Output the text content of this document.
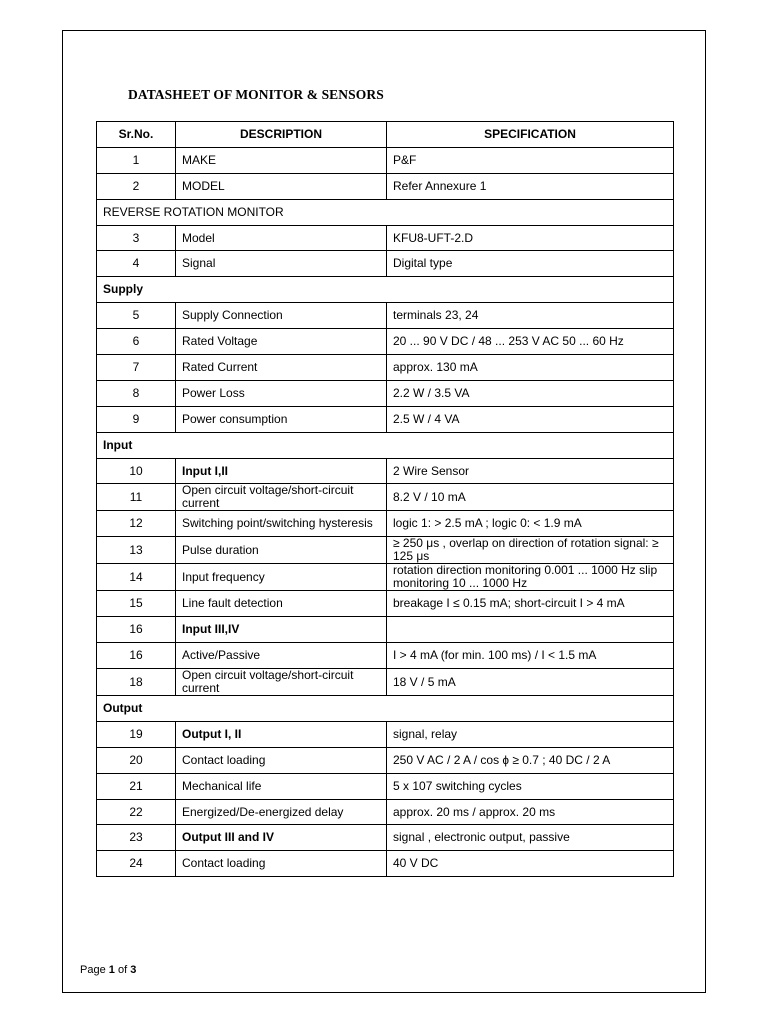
DATASHEET OF MONITOR & SENSORS
Sr.No.	DESCRIPTION	SPECIFICATION
1	MAKE	P&F
2	MODEL	Refer Annexure 1
REVERSE ROTATION MONITOR		
3	Model	KFU8-UFT-2.D
4	Signal	Digital type
Supply		
5	Supply Connection	terminals 23, 24
6	Rated Voltage	20 ... 90 V DC / 48 ... 253 V AC 50 ... 60 Hz
7	Rated Current	approx. 130 mA
8	Power Loss	2.2 W / 3.5 VA
9	Power consumption	2.5 W / 4 VA
Input		
10	Input I,II	2 Wire Sensor
11	Open circuit voltage/short-circuit current	8.2 V / 10 mA
12	Switching point/switching hysteresis	logic 1: > 2.5 mA ; logic 0: < 1.9 mA
13	Pulse duration	≥ 250 μs , overlap on direction of rotation signal: ≥ 125 μs
14	Input frequency	rotation direction monitoring 0.001 ... 1000 Hz slip monitoring 10 ... 1000 Hz
15	Line fault detection	breakage I ≤ 0.15 mA; short-circuit I > 4 mA
16	Input III,IV	
16	Active/Passive	I > 4 mA (for min. 100 ms) / I < 1.5 mA
18	Open circuit voltage/short-circuit current	18 V / 5 mA
Output		
19	Output I, II	signal, relay
20	Contact loading	250 V AC / 2 A / cos ɸ ≥ 0.7 ; 40 DC / 2 A
21	Mechanical life	5 x 107 switching cycles
22	Energized/De-energized delay	approx. 20 ms / approx. 20 ms
23	Output III and IV	signal , electronic output, passive
24	Contact loading	40 V DC
Page 1 of 3
